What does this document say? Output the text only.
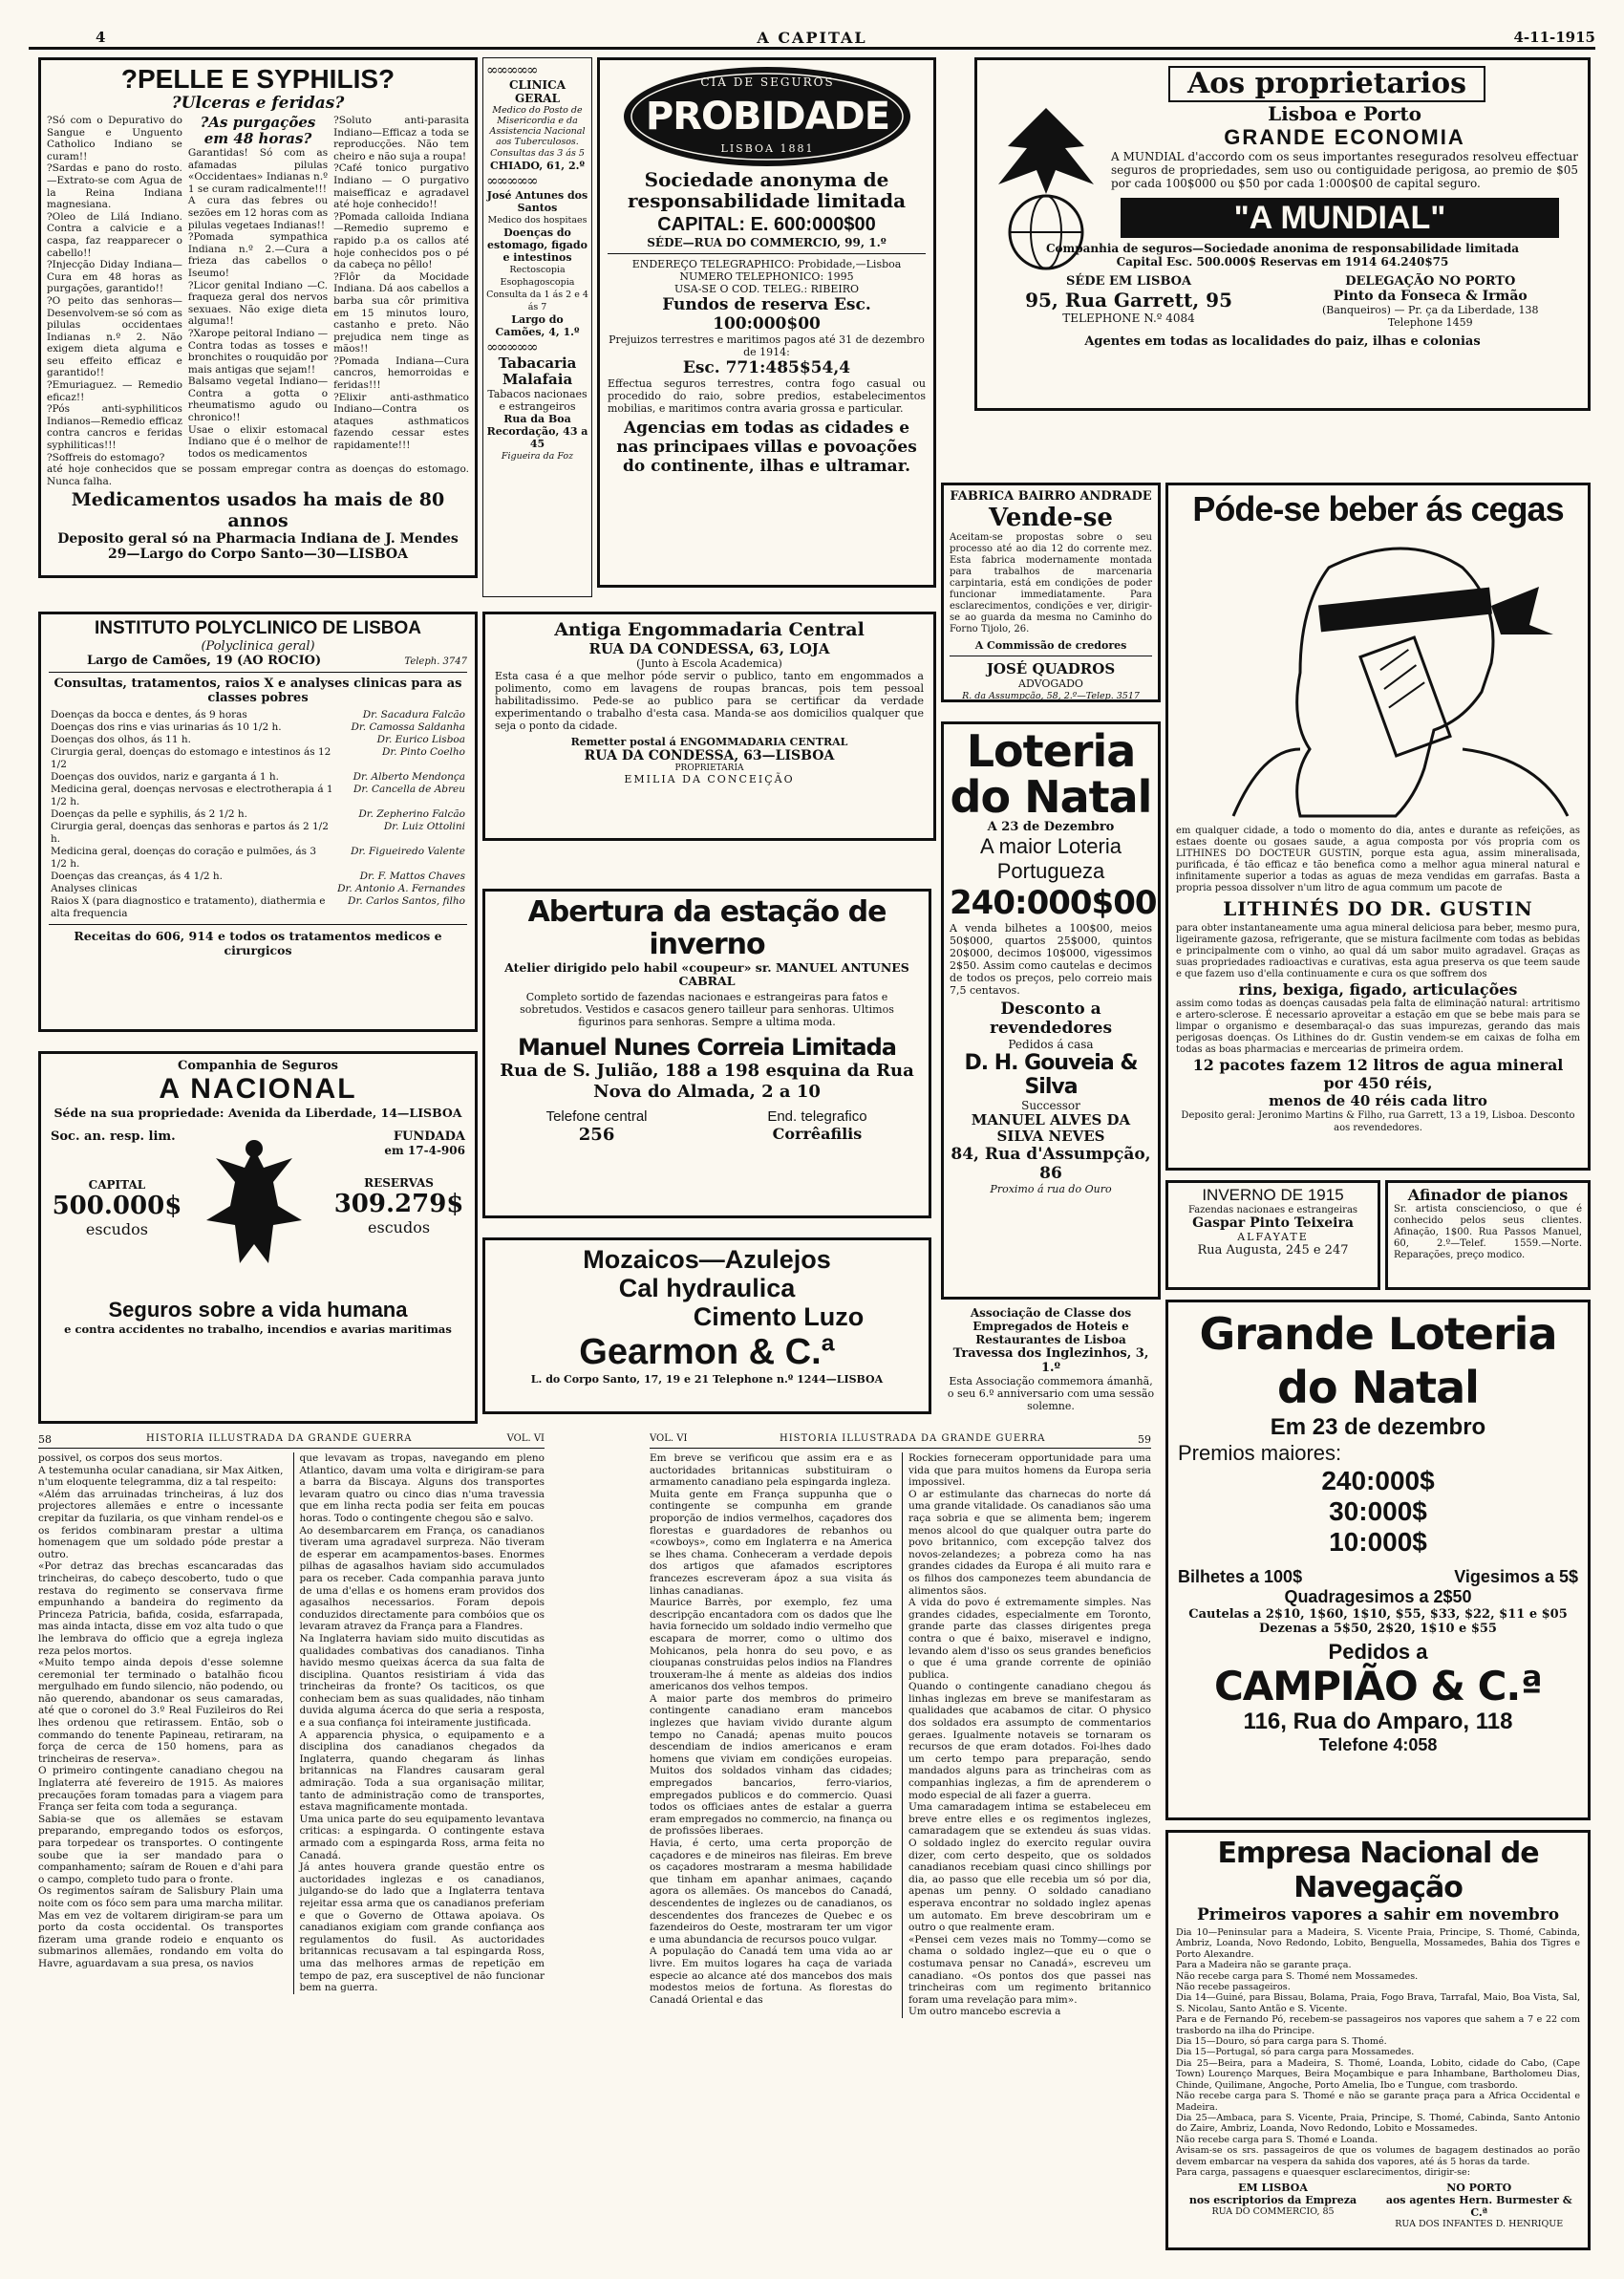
4	A CAPITAL	4-11-1915
?PELLE E SYPHILIS?
?Ulceras e feridas?

?Só com o Depurativo do Sangue e Unguento Catholico Indiano se curam!!
?Sardas e pano do rosto.—Extrato-se com Agua de la Reina Indiana magnesiana.
?Oleo de Lilá Indiano. Contra a calvicie e a caspa, faz reapparecer o cabello!!
?Injecção Diday Indiana—Cura em 48 horas as purgações, garantido!!
?O peito das senhoras—Desenvolvem-se só com as pilulas occidentaes Indianas n.º 2. Não exigem dieta alguma e seu effeito efficaz e garantido!!
?Emuriaguez. — Remedio eficaz!!
?Pós anti-syphiliticos Indianos—Remedio efficaz contra cancros e feridas syphiliticas!!!
?Soffreis do estomago?

?As purgações em 48 horas?

Garantidas! Só com as afamadas pilulas «Occidentaes» Indianas n.º 1 se curam radicalmente!!!
A cura das febres ou sezões em 12 horas com as pilulas vegetaes Indianas!!
?Pomada sympathica Indiana n.º 2.—Cura a frieza das cabellos o Iseumo!
?Licor genital Indiano —C. fraqueza geral dos nervos sexuaes. Não exige dieta alguma!!
?Xarope peitoral Indiano —Contra todas as tosses e bronchites o rouquidão por mais antigas que sejam!!
Balsamo vegetal Indiano—Contra a gotta o rheumatismo agudo ou chronico!!
Usae o elixir estomacal Indiano que é o melhor de todos os medicamentos

?Soluto anti-parasita Indiano—Efficaz a toda se reproducções. Não tem cheiro e não suja a roupa!
?Café tonico purgativo Indiano — O purgativo maisefficaz e agradavel até hoje conhecido!!
?Pomada calloida Indiana—Remedio supremo e rapido p.a os callos até hoje conhecidos pos o pé da cabeça no pêllo!
?Flôr da Mocidade Indiana. Dá aos cabellos a barba sua côr primitiva em 15 minutos louro, castanho e preto. Não prejudica nem tinge as mãos!!
?Pomada Indiana—Cura cancros, hemorroidas e feridas!!!
?Elixir anti-asthmatico Indiano—Contra os ataques asthmaticos fazendo cessar estes rapidamente!!!

até hoje conhecidos que se possam empregar contra as doenças do estomago. Nunca falha.

Medicamentos usados ha mais de 80 annos
Deposito geral só na Pharmacia Indiana de J. Mendes
29—Largo do Corpo Santo—30—LISBOA
∞∞∞∞∞
CLINICA GERAL

Medico do Posto de Misericordia e da Assistencia Nacional aos Tuberculosos.

Consultas das 3 ás 5

CHIADO, 61, 2.º

∞∞∞∞∞

José Antunes dos Santos

Medico dos hospitaes

Doenças do estomago, figado e intestinos

Rectoscopia Esophagoscopia

Consulta da 1 ás 2 e 4 ás 7

Largo do Camões, 4, 1.º

∞∞∞∞∞

Tabacaria Malafaia

Tabacos nacionaes e estrangeiros

Rua da Boa Recordação, 43 a 45

Figueira da Foz

CIA DE SEGUROS
PROBIDADE
LISBOA 1881
Sociedade anonyma de responsabilidade limitada
CAPITAL: E. 600:000$00
SÉDE—RUA DO COMMERCIO, 99, 1.º

ENDEREÇO TELEGRAPHICO: Probidade,—Lisboa

NUMERO TELEPHONICO: 1995

USA-SE O COD. TELEG.: RIBEIRO

Fundos de reserva Esc. 100:000$00

Prejuizos terrestres e maritimos pagos até 31 de dezembro de 1914:

Esc. 771:485$54,4

Effectua seguros terrestres, contra fogo casual ou procedido do raio, sobre predios, estabelecimentos mobilias, e maritimos contra avaria grossa e particular.

Agencias em todas as cidades e nas principaes villas e povoações do continente, ilhas e ultramar.
Aos proprietarios
Lisboa e Porto
GRANDE ECONOMIA

A MUNDIAL d'accordo com os seus importantes resegurados resolveu effectuar seguros de propriedades, sem uso ou contiguidade perigosa, ao premio de $05 por cada 100$000 ou $50 por cada 1:000$00 de capital seguro.

"A MUNDIAL"

Companhia de seguros—Sociedade anonima de responsabilidade limitada

Capital Esc. 500.000$ Reservas em 1914 64.240$75

SÉDE EM LISBOA
95, Rua Garrett, 95
TELEPHONE N.º 4084
DELEGAÇÃO NO PORTO
Pinto da Fonseca & Irmão
(Banqueiros) — Pr. ça da Liberdade, 138
Telephone 1459
Agentes em todas as localidades do paiz, ilhas e colonias
FABRICA BAIRRO ANDRADE
Vende-se

Aceitam-se propostas sobre o seu processo até ao dia 12 do corrente mez. Esta fabrica modernamente montada para trabalhos de marcenaria carpintaria, está em condições de poder funcionar immediatamente. Para esclarecimentos, condições e ver, dirigir-se ao guarda da mesma no Caminho do Forno Tijolo, 26.

A Commissão de credores

JOSÉ QUADROS

ADVOGADO

R. da Assumpção, 58, 2.º—Telep. 3517

Póde-se beber ás cegas

em qualquer cidade, a todo o momento do dia, antes e durante as refeições, as estaes doente ou gosaes saude, a agua composta por vós propria com os LITHINES DO DOCTEUR GUSTIN, porque esta agua, assim mineralisada, purificada, é tão efficaz e tão benefica como a melhor agua mineral natural e infinitamente superior a todas as aguas de meza vendidas em garrafas. Basta a propria pessoa dissolver n'um litro de agua commum um pacote de

LITHINÉS DO DR. GUSTIN

para obter instantaneamente uma agua mineral deliciosa para beber, mesmo pura, ligeiramente gazosa, refrigerante, que se mistura facilmente com todas as bebidas e principalmente com o vinho, ao qual dá um sabor muito agradavel. Graças as suas propriedades radioactivas e curativas, esta agua preserva os que teem saude e que fazem uso d'ella continuamente e cura os que soffrem dos

rins, bexiga, figado, articulações

assim como todas as doenças causadas pela falta de eliminação natural: artritismo e artero-sclerose. É necessario aproveitar a estação em que se bebe mais para se limpar o organismo e desembaraçal-o das suas impurezas, gerando das mais perigosas doenças. Os Lithines do dr. Gustin vendem-se em caixas de folha em todas as boas pharmacias e mercearias de primeira ordem.

12 pacotes fazem 12 litros de agua mineral por 450 réis,
menos de 40 réis cada litro

Deposito geral: Jeronimo Martins & Filho, rua Garrett, 13 a 19, Lisboa. Desconto aos revendedores.

INSTITUTO POLYCLINICO DE LISBOA
(Polyclinica geral)
Largo de Camões, 19 (AO ROCIO)	Teleph. 3747
Consultas, tratamentos, raios X e analyses clinicas para as classes pobres
Doenças da bocca e dentes, ás 9 horas	Dr. Sacadura Falcão
Doenças dos rins e vias urinarias ás 10 1/2 h.	Dr. Camossa Saldanha
Doenças dos olhos, ás 11 h.	Dr. Eurico Lisboa
Cirurgia geral, doenças do estomago e intestinos ás 12 1/2	Dr. Pinto Coelho
Doenças dos ouvidos, nariz e garganta á 1 h.	Dr. Alberto Mendonça
Medicina geral, doenças nervosas e electrotherapia á 1 1/2 h.	Dr. Cancella de Abreu
Doenças da pelle e syphilis, ás 2 1/2 h.	Dr. Zepherino Falcão
Cirurgia geral, doenças das senhoras e partos ás 2 1/2 h.	Dr. Luiz Ottolini
Medicina geral, doenças do coração e pulmões, ás 3 1/2 h.	Dr. Figueiredo Valente
Doenças das creanças, ás 4 1/2 h.	Dr. F. Mattos Chaves
Analyses clinicas	Dr. Antonio A. Fernandes
Raios X (para diagnostico e tratamento), diathermia e alta frequencia	Dr. Carlos Santos, filho
Receitas do 606, 914 e todos os tratamentos medicos e cirurgicos
Antiga Engommadaria Central
RUA DA CONDESSA, 63, LOJA
(Junto à Escola Academica)

Esta casa é a que melhor póde servir o publico, tanto em engommados a polimento, como em lavagens de roupas brancas, pois tem pessoal habilitadissimo. Pede-se ao publico para se certificar da verdade experimentando o trabalho d'esta casa. Manda-se aos domicilios qualquer que seja o ponto da cidade.

Remetter postal á ENGOMMADARIA CENTRAL
RUA DA CONDESSA, 63—LISBOA
PROPRIETARIA
EMILIA DA CONCEIÇÃO
Abertura da estação de inverno
Atelier dirigido pelo habil «coupeur» sr. MANUEL ANTUNES CABRAL

Completo sortido de fazendas nacionaes e estrangeiras para fatos e sobretudos. Vestidos e casacos genero tailleur para senhoras. Ultimos figurinos para senhoras. Sempre a ultima moda.

Manuel Nunes Correia Limitada
Rua de S. Julião, 188 a 198 esquina da Rua Nova do Almada, 2 a 10
Telefone central
256
End. telegrafico
Corrêafilis
Loteria do Natal
A 23 de Dezembro
A maior Loteria Portugueza
240:000$00

A venda bilhetes a 100$00, meios 50$000, quartos 25$000, quintos 20$000, decimos 10$000, vigessimos 2$50. Assim como cautelas e decimos de todos os preços, pelo correio mais 7,5 centavos.

Desconto a revendedores
Pedidos á casa
D. H. Gouveia & Silva
Successor
MANUEL ALVES DA SILVA NEVES
84, Rua d'Assumpção, 86
Proximo á rua do Ouro
Companhia de Seguros
A NACIONAL
Séde na sua propriedade: Avenida da Liberdade, 14—LISBOA
Soc. an. resp. lim.
CAPITAL
500.000$
escudos
FUNDADA
em 17-4-906
RESERVAS
309.279$
escudos
Seguros sobre a vida humana
e contra accidentes no trabalho, incendios e avarias maritimas
Mozaicos—Azulejos
Cal hydraulica
Cimento Luzo
Gearmon & C.ª
L. do Corpo Santo, 17, 19 e 21 Telephone n.º 1244—LISBOA
Associação de Classe dos Empregados de Hoteis e Restaurantes de Lisboa
Travessa dos Inglezinhos, 3, 1.º

Esta Associação commemora ámanhã, o seu 6.º anniversario com uma sessão solemne.

INVERNO DE 1915
Fazendas nacionaes e estrangeiras
Gaspar Pinto Teixeira
ALFAYATE
Rua Augusta, 245 e 247
Afinador de pianos

Sr. artista consciencioso, o que é conhecido pelos seus clientes. Afinação, 1$00. Rua Passos Manuel, 60, 2.º—Telef. 1559.—Norte. Reparações, preço modico.

Grande Loteria do Natal
Em 23 de dezembro
Premios maiores:
240:000$
30:000$
10:000$
Bilhetes a 100$	Vigesimos a 5$
Quadragesimos a 2$50
Cautelas a 2$10, 1$60, 1$10, $55, $33, $22, $11 e $05
Dezenas a 5$50, 2$20, 1$10 e $55
Pedidos a
CAMPIÃO & C.ª
116, Rua do Amparo, 118
Telefone 4:058
Empresa Nacional de Navegação
Primeiros vapores a sahir em novembro

Dia 10—Peninsular para a Madeira, S. Vicente Praia, Principe, S. Thomé, Cabinda, Ambriz, Loanda, Novo Redondo, Lobito, Benguella, Mossamedes, Bahia dos Tigres e Porto Alexandre.
Para a Madeira não se garante praça.
Não recebe carga para S. Thomé nem Mossamedes.
Não recebe passageiros.
Dia 14—Guiné, para Bissau, Bolama, Praia, Fogo Brava, Tarrafal, Maio, Boa Vista, Sal, S. Nicolau, Santo Antão e S. Vicente.
Para e de Fernando Pó, recebem-se passageiros nos vapores que sahem a 7 e 22 com trasbordo na ilha do Principe.
Dia 15—Douro, só para carga para S. Thomé.
Dia 15—Portugal, só para carga para Mossamedes.
Dia 25—Beira, para a Madeira, S. Thomé, Loanda, Lobito, cidade do Cabo, (Cape Town) Lourenço Marques, Beira Moçambique e para Inhambane, Bartholomeu Dias, Chinde, Quilimane, Angoche, Porto Amelia, Ibo e Tungue, com trasbordo.
Não recebe carga para S. Thomé e não se garante praça para a Africa Occidental e Madeira.
Dia 25—Ambaca, para S. Vicente, Praia, Principe, S. Thomé, Cabinda, Santo Antonio do Zaire, Ambriz, Loanda, Novo Redondo, Lobito e Mossamedes.
Não recebe carga para S. Thomé e Loanda.
Avisam-se os srs. passageiros de que os volumes de bagagem destinados ao porão devem embarcar na vespera da sahida dos vapores, até ás 5 horas da tarde.
Para carga, passagens e quaesquer esclarecimentos, dirigir-se:

EM LISBOA
nos escriptorios da Empreza
RUA DO COMMERCIO, 85
NO PORTO
aos agentes Hern. Burmester & C.ª
RUA DOS INFANTES D. HENRIQUE
58	HISTORIA ILLUSTRADA DA GRANDE GUERRA	VOL. VI

possivel, os corpos dos seus mortos.
A testemunha ocular canadiana, sir Max Aitken, n'um eloquente telegramma, diz a tal respeito:
«Além das arruinadas trincheiras, á luz dos projectores allemães e entre o incessante crepitar da fuzilaria, os que vinham rendel-os e os feridos combinaram prestar a ultima homenagem que um soldado póde prestar a outro.
«Por detraz das brechas escancaradas das trincheiras, do cabeço descoberto, tudo o que restava do regimento se conservava firme empunhando a bandeira do regimento da Princeza Patricia, bafida, cosida, esfarrapada, mas ainda intacta, disse em voz alta tudo o que lhe lembrava do officio que a egreja ingleza reza pelos mortos.
«Muito tempo ainda depois d'esse solemne ceremonial ter terminado o batalhão ficou mergulhado em fundo silencio, não podendo, ou não querendo, abandonar os seus camaradas, até que o coronel do 3.º Real Fuzileiros do Rei lhes ordenou que retirassem. Então, sob o commando do tenente Papineau, retiraram, na força de cerca de 150 homens, para as trincheiras de reserva».
O primeiro contingente canadiano chegou na Inglaterra até fevereiro de 1915. As maiores precauções foram tomadas para a viagem para França ser feita com toda a segurança.
Sabia-se que os allemães se estavam preparando, empregando todos os esforços, para torpedear os transportes. O contingente soube que ia ser mandado para o companhamento; saíram de Rouen e d'ahi para o campo, completo tudo para o fronte.
Os regimentos saíram de Salisbury Plain uma noite com os fóco sem para uma marcha militar. Mas em vez de voltarem dirigiram-se para um porto da costa occidental. Os transportes fizeram uma grande rodeio e enquanto os submarinos allemães, rondando em volta do Havre, aguardavam a sua presa, os navios

que levavam as tropas, navegando em pleno Atlantico, davam uma volta e dirigiram-se para a barra da Biscaya. Alguns dos transportes levaram quatro ou cinco dias n'uma travessia que em linha recta podia ser feita em poucas horas. Todo o contingente chegou são e salvo.
Ao desembarcarem em França, os canadianos tiveram uma agradavel surpreza. Não tiveram de esperar em acampamentos-bases. Enormes pilhas de agasalhos haviam sido accumulados para os receber. Cada companhia parava junto de uma d'ellas e os homens eram providos dos agasalhos necessarios. Foram depois conduzidos directamente para combóios que os levaram atravez da França para a Flandres.
Na Inglaterra haviam sido muito discutidas as qualidades combativas dos canadianos. Tinha havido mesmo queixas ácerca da sua falta de disciplina. Quantos resistiriam á vida das trincheiras da fronte? Os taciticos, os que conheciam bem as suas qualidades, não tinham duvida alguma ácerca do que seria a resposta, e a sua confiança foi inteiramente justificada.
A apparencia physica, o equipamento e a disciplina dos canadianos chegados da Inglaterra, quando chegaram ás linhas britannicas na Flandres causaram geral admiração. Toda a sua organisação militar, tanto de administração como de transportes, estava magnificamente montada.
Uma unica parte do seu equipamento levantava criticas: a espingarda. O contingente estava armado com a espingarda Ross, arma feita no Canadá.
Já antes houvera grande questão entre os auctoridades inglezas e os canadianos, julgando-se do lado que a Inglaterra tentava rejeitar essa arma que os canadianos preferiam e que o Governo de Ottawa apoiava. Os canadianos exigiam com grande confiança aos regulamentos do fusil. As auctoridades britannicas recusavam a tal espingarda Ross, uma das melhores armas de repetição em tempo de paz, era susceptivel de não funcionar bem na guerra.

VOL. VI	HISTORIA ILLUSTRADA DA GRANDE GUERRA	59

Em breve se verificou que assim era e as auctoridades britannicas substituiram o armamento canadiano pela espingarda ingleza.
Muita gente em França suppunha que o contingente se compunha em grande proporção de indios vermelhos, caçadores dos florestas e guardadores de rebanhos ou «cowboys», como em Inglaterra e na America se lhes chama. Conheceram a verdade depois dos artigos que afamados escriptores francezes escreveram ápoz a sua visita ás linhas canadianas.
Maurice Barrès, por exemplo, fez uma descripção encantadora com os dados que lhe havia fornecido um soldado indio vermelho que escapara de morrer, como o ultimo dos Mohicanos, pela honra do seu povo, e as cioupanas construidas pelos indios na Flandres trouxeram-lhe á mente as aldeias dos indios americanos dos velhos tempos.
A maior parte dos membros do primeiro contingente canadiano eram mancebos inglezes que haviam vivido durante algum tempo no Canadá; apenas muito poucos descendiam de indios americanos e eram homens que viviam em condições europeias. Muitos dos soldados vinham das cidades; empregados bancarios, ferro-viarios, empregados publicos e do commercio. Quasi todos os officiaes antes de estalar a guerra eram empregados no commercio, na finança ou de profissões liberaes.
Havia, é certo, uma certa proporção de caçadores e de mineiros nas fileiras. Em breve os caçadores mostraram a mesma habilidade que tinham em apanhar animaes, caçando agora os allemães. Os mancebos do Canadá, descendentes de inglezes ou de canadianos, os descendentes dos francezes de Quebec e os fazendeiros do Oeste, mostraram ter um vigor e uma abundancia de recursos pouco vulgar.
A população do Canadá tem uma vida ao ar livre. Em muitos logares ha caça de variada especie ao alcance até dos mancebos dos mais modestos meios de fortuna. As florestas do Canadá Oriental e das

Rockies forneceram opportunidade para uma vida que para muitos homens da Europa seria impossivel.
O ar estimulante das charnecas do norte dá uma grande vitalidade. Os canadianos são uma raça sobria e que se alimenta bem; ingerem menos alcool do que qualquer outra parte do povo britannico, com excepção talvez dos novos-zelandezes; a pobreza como ha nas grandes cidades da Europa é ali muito rara e os filhos dos camponezes teem abundancia de alimentos sãos.
A vida do povo é extremamente simples. Nas grandes cidades, especialmente em Toronto, grande parte das classes dirigentes prega contra o que é baixo, miseravel e indigno, levando alem d'isso os seus grandes beneficios o que é uma grande corrente de opinião publica.
Quando o contingente canadiano chegou ás linhas inglezas em breve se manifestaram as qualidades que acabamos de citar. O physico dos soldados era assumpto de commentarios geraes. Igualmente notaveis se tornaram os recursos de que eram dotados. Foi-lhes dado um certo tempo para preparação, sendo mandados alguns para as trincheiras com as companhias inglezas, a fim de aprenderem o modo especial de ali fazer a guerra.
Uma camaradagem intima se estabeleceu em breve entre elles e os regimentos inglezes, camaradagem que se extendeu ás suas vidas. O soldado inglez do exercito regular ouvira dizer, com certo despeito, que os soldados canadianos recebiam quasi cinco shillings por dia, ao passo que elle recebia um só por dia, apenas um penny. O soldado canadiano esperava encontrar no soldado inglez apenas um automato. Em breve descobriram um e outro o que realmente eram.
«Pensei cem vezes mais no Tommy—como se chama o soldado inglez—que eu o que o costumava pensar no Canadá», escreveu um canadiano. «Os pontos dos que passei nas trincheiras com um regimento britannico foram uma revelação para mim».
Um outro mancebo escrevia a
